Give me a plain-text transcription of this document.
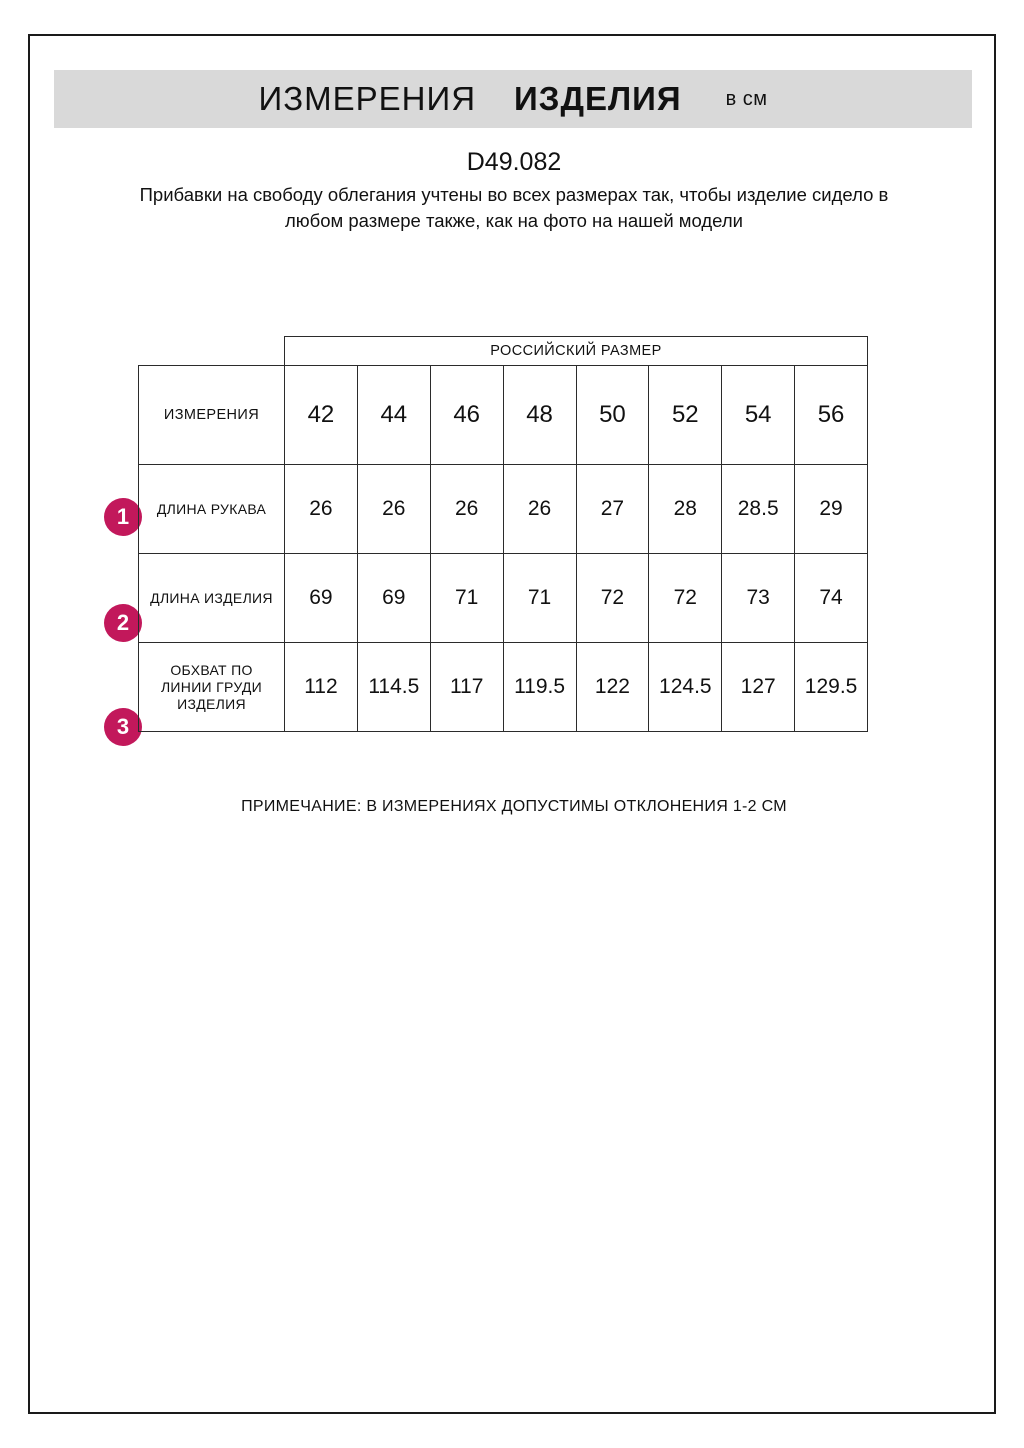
ИЗМЕРЕНИЯ ИЗДЕЛИЯ в см
D49.082
Прибавки на свободу облегания учтены во всех размерах так, чтобы изделие сидело в любом размере также, как на фото на нашей модели
1
2
3
	РОССИЙСКИЙ РАЗМЕР							
ИЗМЕРЕНИЯ	42	44	46	48	50	52	54	56
ДЛИНА РУКАВА	26	26	26	26	27	28	28.5	29
ДЛИНА ИЗДЕЛИЯ	69	69	71	71	72	72	73	74
ОБХВАТ ПО ЛИНИИ ГРУДИ ИЗДЕЛИЯ	112	114.5	117	119.5	122	124.5	127	129.5
ПРИМЕЧАНИЕ: В ИЗМЕРЕНИЯХ ДОПУСТИМЫ ОТКЛОНЕНИЯ 1-2 СМ
